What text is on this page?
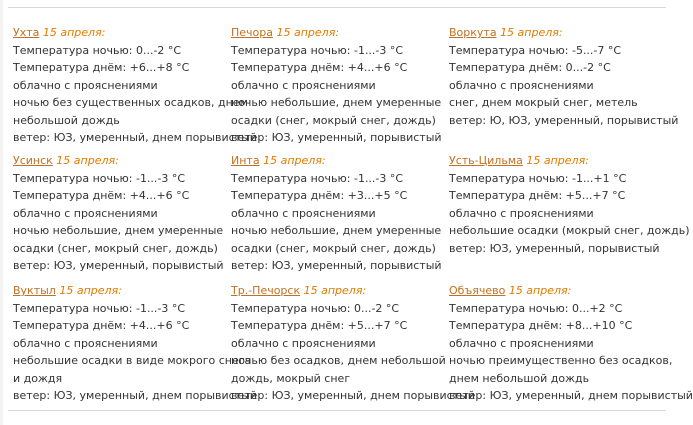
Ухта 15 апреля:
Температура ночью: 0...-2 °C
Температура днём: +6...+8 °C
облачно с прояснениями
ночью без существенных осадков, днем
небольшой дождь
ветер: ЮЗ, умеренный, днем порывистый
Печора 15 апреля:
Температура ночью: -1...-3 °C
Температура днём: +4...+6 °C
облачно с прояснениями
ночью небольшие, днем умеренные
осадки (снег, мокрый снег, дождь)
ветер: ЮЗ, умеренный, порывистый
Воркута 15 апреля:
Температура ночью: -5...-7 °C
Температура днём: 0...-2 °C
облачно с прояснениями
снег, днем мокрый снег, метель
ветер: Ю, ЮЗ, умеренный, порывистый
Усинск 15 апреля:
Температура ночью: -1...-3 °C
Температура днём: +4...+6 °C
облачно с прояснениями
ночью небольшие, днем умеренные
осадки (снег, мокрый снег, дождь)
ветер: ЮЗ, умеренный, порывистый
Инта 15 апреля:
Температура ночью: -1...-3 °C
Температура днём: +3...+5 °C
облачно с прояснениями
ночью небольшие, днем умеренные
осадки (снег, мокрый снег, дождь)
ветер: ЮЗ, умеренный, порывистый
Усть-Цильма 15 апреля:
Температура ночью: -1...+1 °C
Температура днём: +5...+7 °C
облачно с прояснениями
небольшие осадки (мокрый снег, дождь)
ветер: ЮЗ, умеренный, порывистый
Вуктыл 15 апреля:
Температура ночью: -1...-3 °C
Температура днём: +4...+6 °C
облачно с прояснениями
небольшие осадки в виде мокрого снега
и дождя
ветер: ЮЗ, умеренный, днем порывистый
Тр.-Печорск 15 апреля:
Температура ночью: 0...-2 °C
Температура днём: +5...+7 °C
облачно с прояснениями
ночью без осадков, днем небольшой
дождь, мокрый снег
ветер: ЮЗ, умеренный, днем порывистый
Объячево 15 апреля:
Температура ночью: 0...+2 °C
Температура днём: +8...+10 °C
облачно с прояснениями
ночью преимущественно без осадков,
днем небольшой дождь
ветер: ЮЗ, умеренный, днем порывистый
